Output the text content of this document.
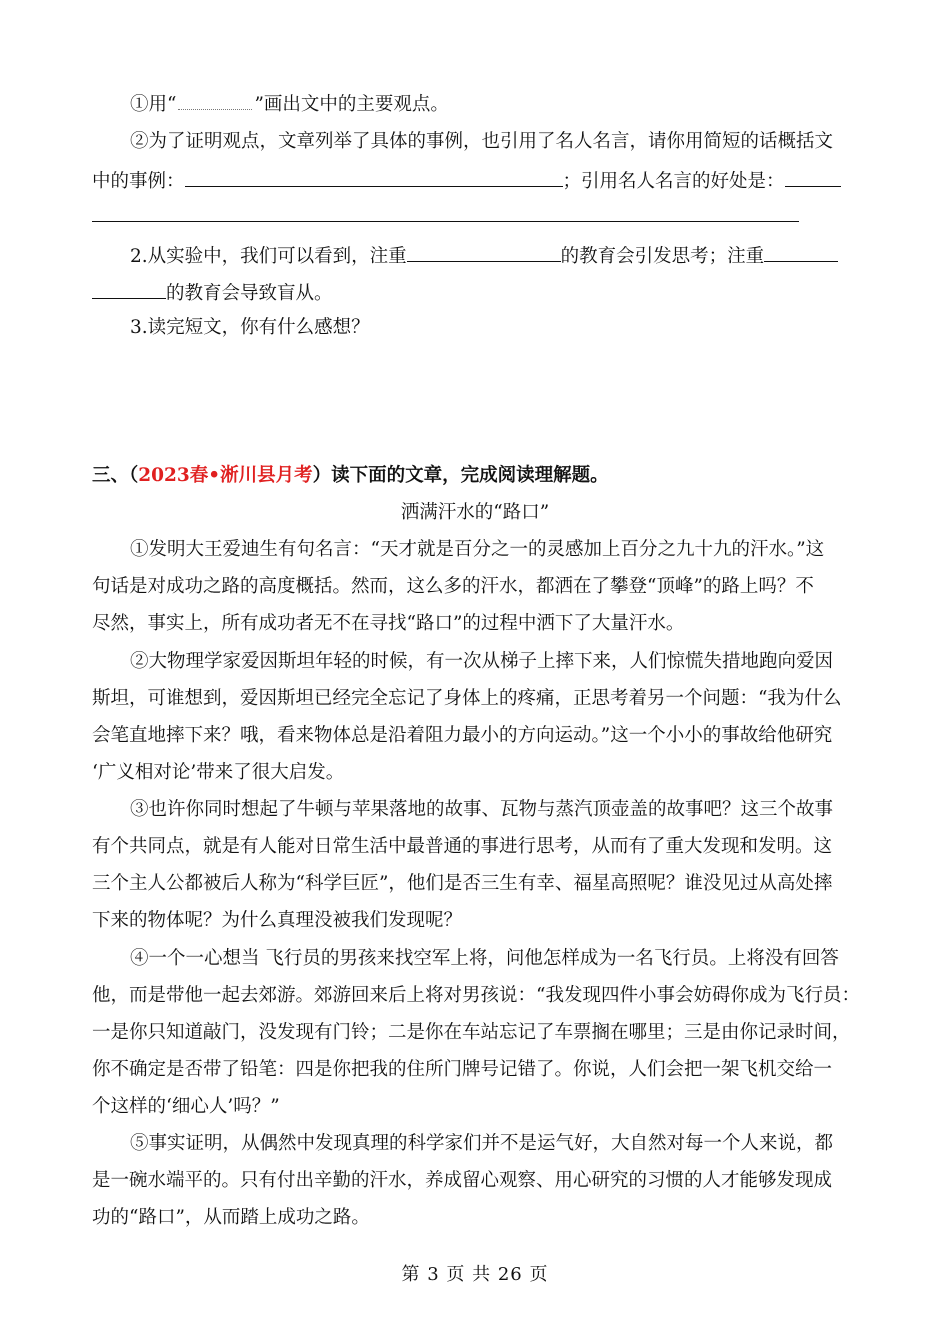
①用“	”画出文中的主要观点。
②为了证明观点，文章列举了具体的事例，也引用了名人名言，请你用简短的话概括文
中的事例：	；引用名人名言的好处是：
2.从实验中，我们可以看到，注重	的教育会引发思考；注重
的教育会导致盲从。
3.读完短文，你有什么感想？
三、（2023春•淅川县月考）读下面的文章，完成阅读理解题。
洒满汗水的“路口”
①发明大王爱迪生有句名言：“天才就是百分之一的灵感加上百分之九十九的汗水。”这
句话是对成功之路的高度概括。然而，这么多的汗水，都洒在了攀登“顶峰”的路上吗？不
尽然，事实上，所有成功者无不在寻找“路口”的过程中洒下了大量汗水。
②大物理学家爱因斯坦年轻的时候，有一次从梯子上摔下来，人们惊慌失措地跑向爱因
斯坦，可谁想到，爱因斯坦已经完全忘记了身体上的疼痛，正思考着另一个问题：“我为什么
会笔直地摔下来？哦，看来物体总是沿着阻力最小的方向运动。”这一个小小的事故给他研究
‘广义相对论’带来了很大启发。
③也许你同时想起了牛顿与苹果落地的故事、瓦物与蒸汽顶壶盖的故事吧？这三个故事
有个共同点，就是有人能对日常生活中最普通的事进行思考，从而有了重大发现和发明。这
三个主人公都被后人称为“科学巨匠”，他们是否三生有幸、福星高照呢？谁没见过从高处摔
下来的物体呢？为什么真理没被我们发现呢？
④一个一心想当 飞行员的男孩来找空军上将，问他怎样成为一名飞行员。上将没有回答
他，而是带他一起去郊游。郊游回来后上将对男孩说：“我发现四件小事会妨碍你成为飞行员：
一是你只知道敲门，没发现有门铃；二是你在车站忘记了车票搁在哪里；三是由你记录时间，
你不确定是否带了铅笔：四是你把我的住所门牌号记错了。你说，人们会把一架飞机交给一
个这样的‘细心人’吗？”
⑤事实证明，从偶然中发现真理的科学家们并不是运气好，大自然对每一个人来说，都
是一碗水端平的。只有付出辛勤的汗水，养成留心观察、用心研究的习惯的人才能够发现成
功的“路口”，从而踏上成功之路。
第 3 页 共 26 页
